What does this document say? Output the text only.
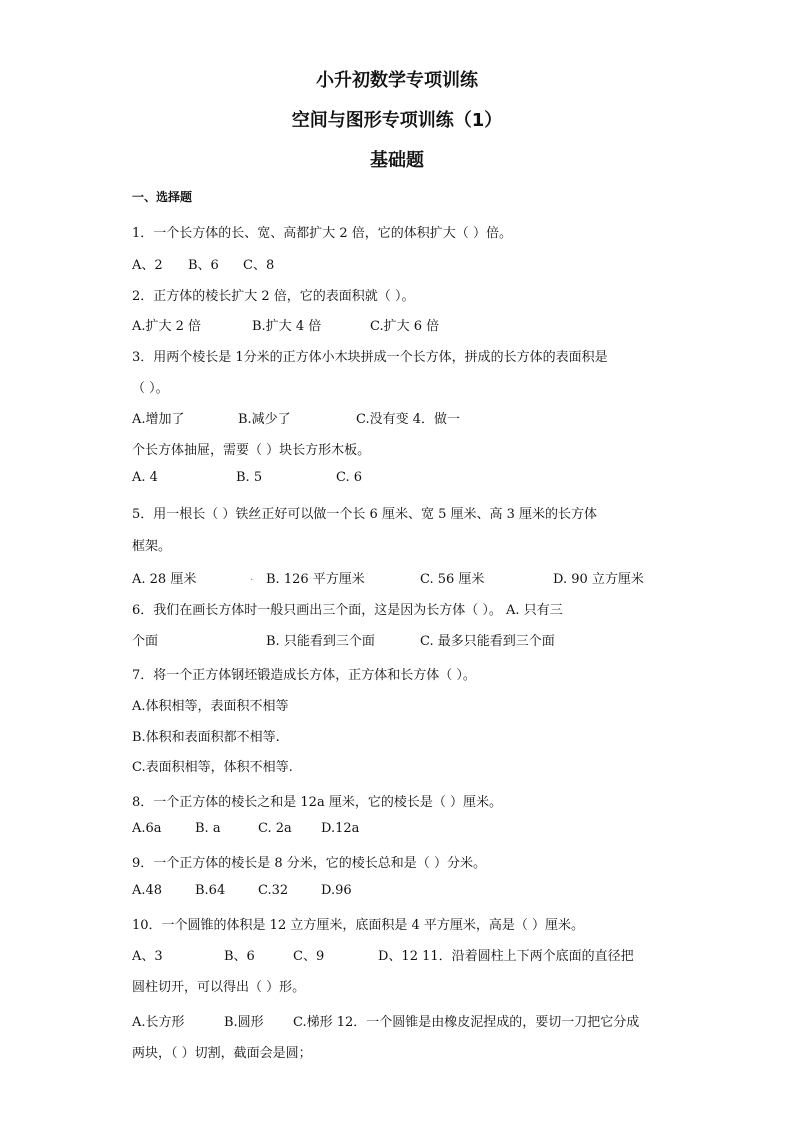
小升初数学专项训练
空间与图形专项训练（1）
基础题
一、选择题
1．一个长方体的长、宽、高都扩大 2 倍，它的体积扩大（ ）倍。
A、2 B、6 C、8
2．正方体的棱长扩大 2 倍，它的表面积就（ ）。
A.扩大 2 倍	B.扩大 4 倍	C.扩大 6 倍
3．用两个棱长是 1分米的正方体小木块拼成一个长方体，拼成的长方体的表面积是
（ ）。
A.增加了	B.减少了	C.没有变 4．做一
个长方体抽屉，需要（ ）块长方形木板。
A. 4	B. 5	C. 6
5．用一根长（ ）铁丝正好可以做一个长 6 厘米、宽 5 厘米、高 3 厘米的长方体
框架。
A. 28 厘米	. B. 126 平方厘米	C. 56 厘米	D. 90 立方厘米
6．我们在画长方体时一般只画出三个面，这是因为长方体（ ）。 A. 只有三
个面	B. 只能看到三个面	C. 最多只能看到三个面
7．将一个正方体钢坯锻造成长方体，正方体和长方体（ ）。
A.体积相等，表面积不相等
B.体积和表面积都不相等.
C.表面积相等，体积不相等.
8．一个正方体的棱长之和是 12a 厘米，它的棱长是（ ）厘米。
A.6a	B. a	C. 2a D.12a
9．一个正方体的棱长是 8 分米，它的棱长总和是（ ）分米。
A.48	B.64	C.32	D.96
10．一个圆锥的体积是 12 立方厘米，底面积是 4 平方厘米，高是（ ）厘米。
A、3	B、6	C、9	D、12 11．沿着圆柱上下两个底面的直径把
圆柱切开，可以得出（ ）形。
A.长方形	B.圆形 C.梯形 12．一个圆锥是由橡皮泥捏成的，要切一刀把它分成
两块，（ ）切割，截面会是圆；
